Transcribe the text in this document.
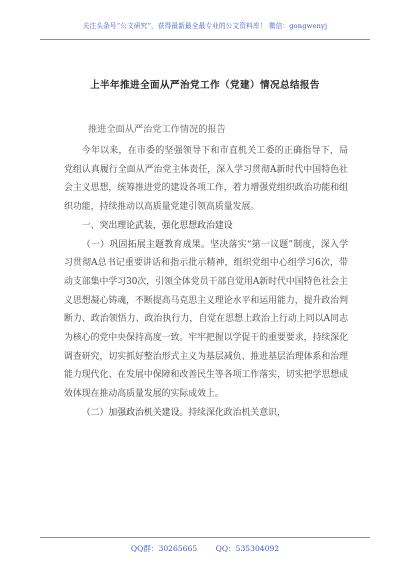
关注头条号“公文研究”，获得最新最全最专业的公文资料库！ 微信：gongwenyj
上半年推进全面从严治党工作（党建）情况总结报告
推进全面从严治党工作情况的报告

今年以来，在市委的坚强领导下和市直机关工委的正确指导下，局党组认真履行全面从严治党主体责任，深入学习贯彻A新时代中国特色社会主义思想，统筹推进党的建设各项工作，着力增强党组织政治功能和组织功能，持续推动以高质量党建引领高质量发展。

一、突出理论武装，强化思想政治建设

（一）巩固拓展主题教育成果。坚决落实“第一议题”制度，深入学习贯彻A总书记重要讲话和指示批示精神，组织党组中心组学习6次，带动支部集中学习30次，引领全体党员干部自觉用A新时代中国特色社会主义思想凝心铸魂，不断提高马克思主义理论水平和运用能力，提升政治判断力、政治领悟力、政治执行力，自觉在思想上政治上行动上同以A同志为核心的党中央保持高度一致。牢牢把握以学促干的重要要求，持续深化调查研究，切实抓好整治形式主义为基层减负、推进基层治理体系和治理能力现代化、在发展中保障和改善民生等各项工作落实，切实把学思想成效体现在推动高质量发展的实际成效上。

（二）加强政治机关建设。持续深化政治机关意识，

QQ群：30265665 QQ：535304092
